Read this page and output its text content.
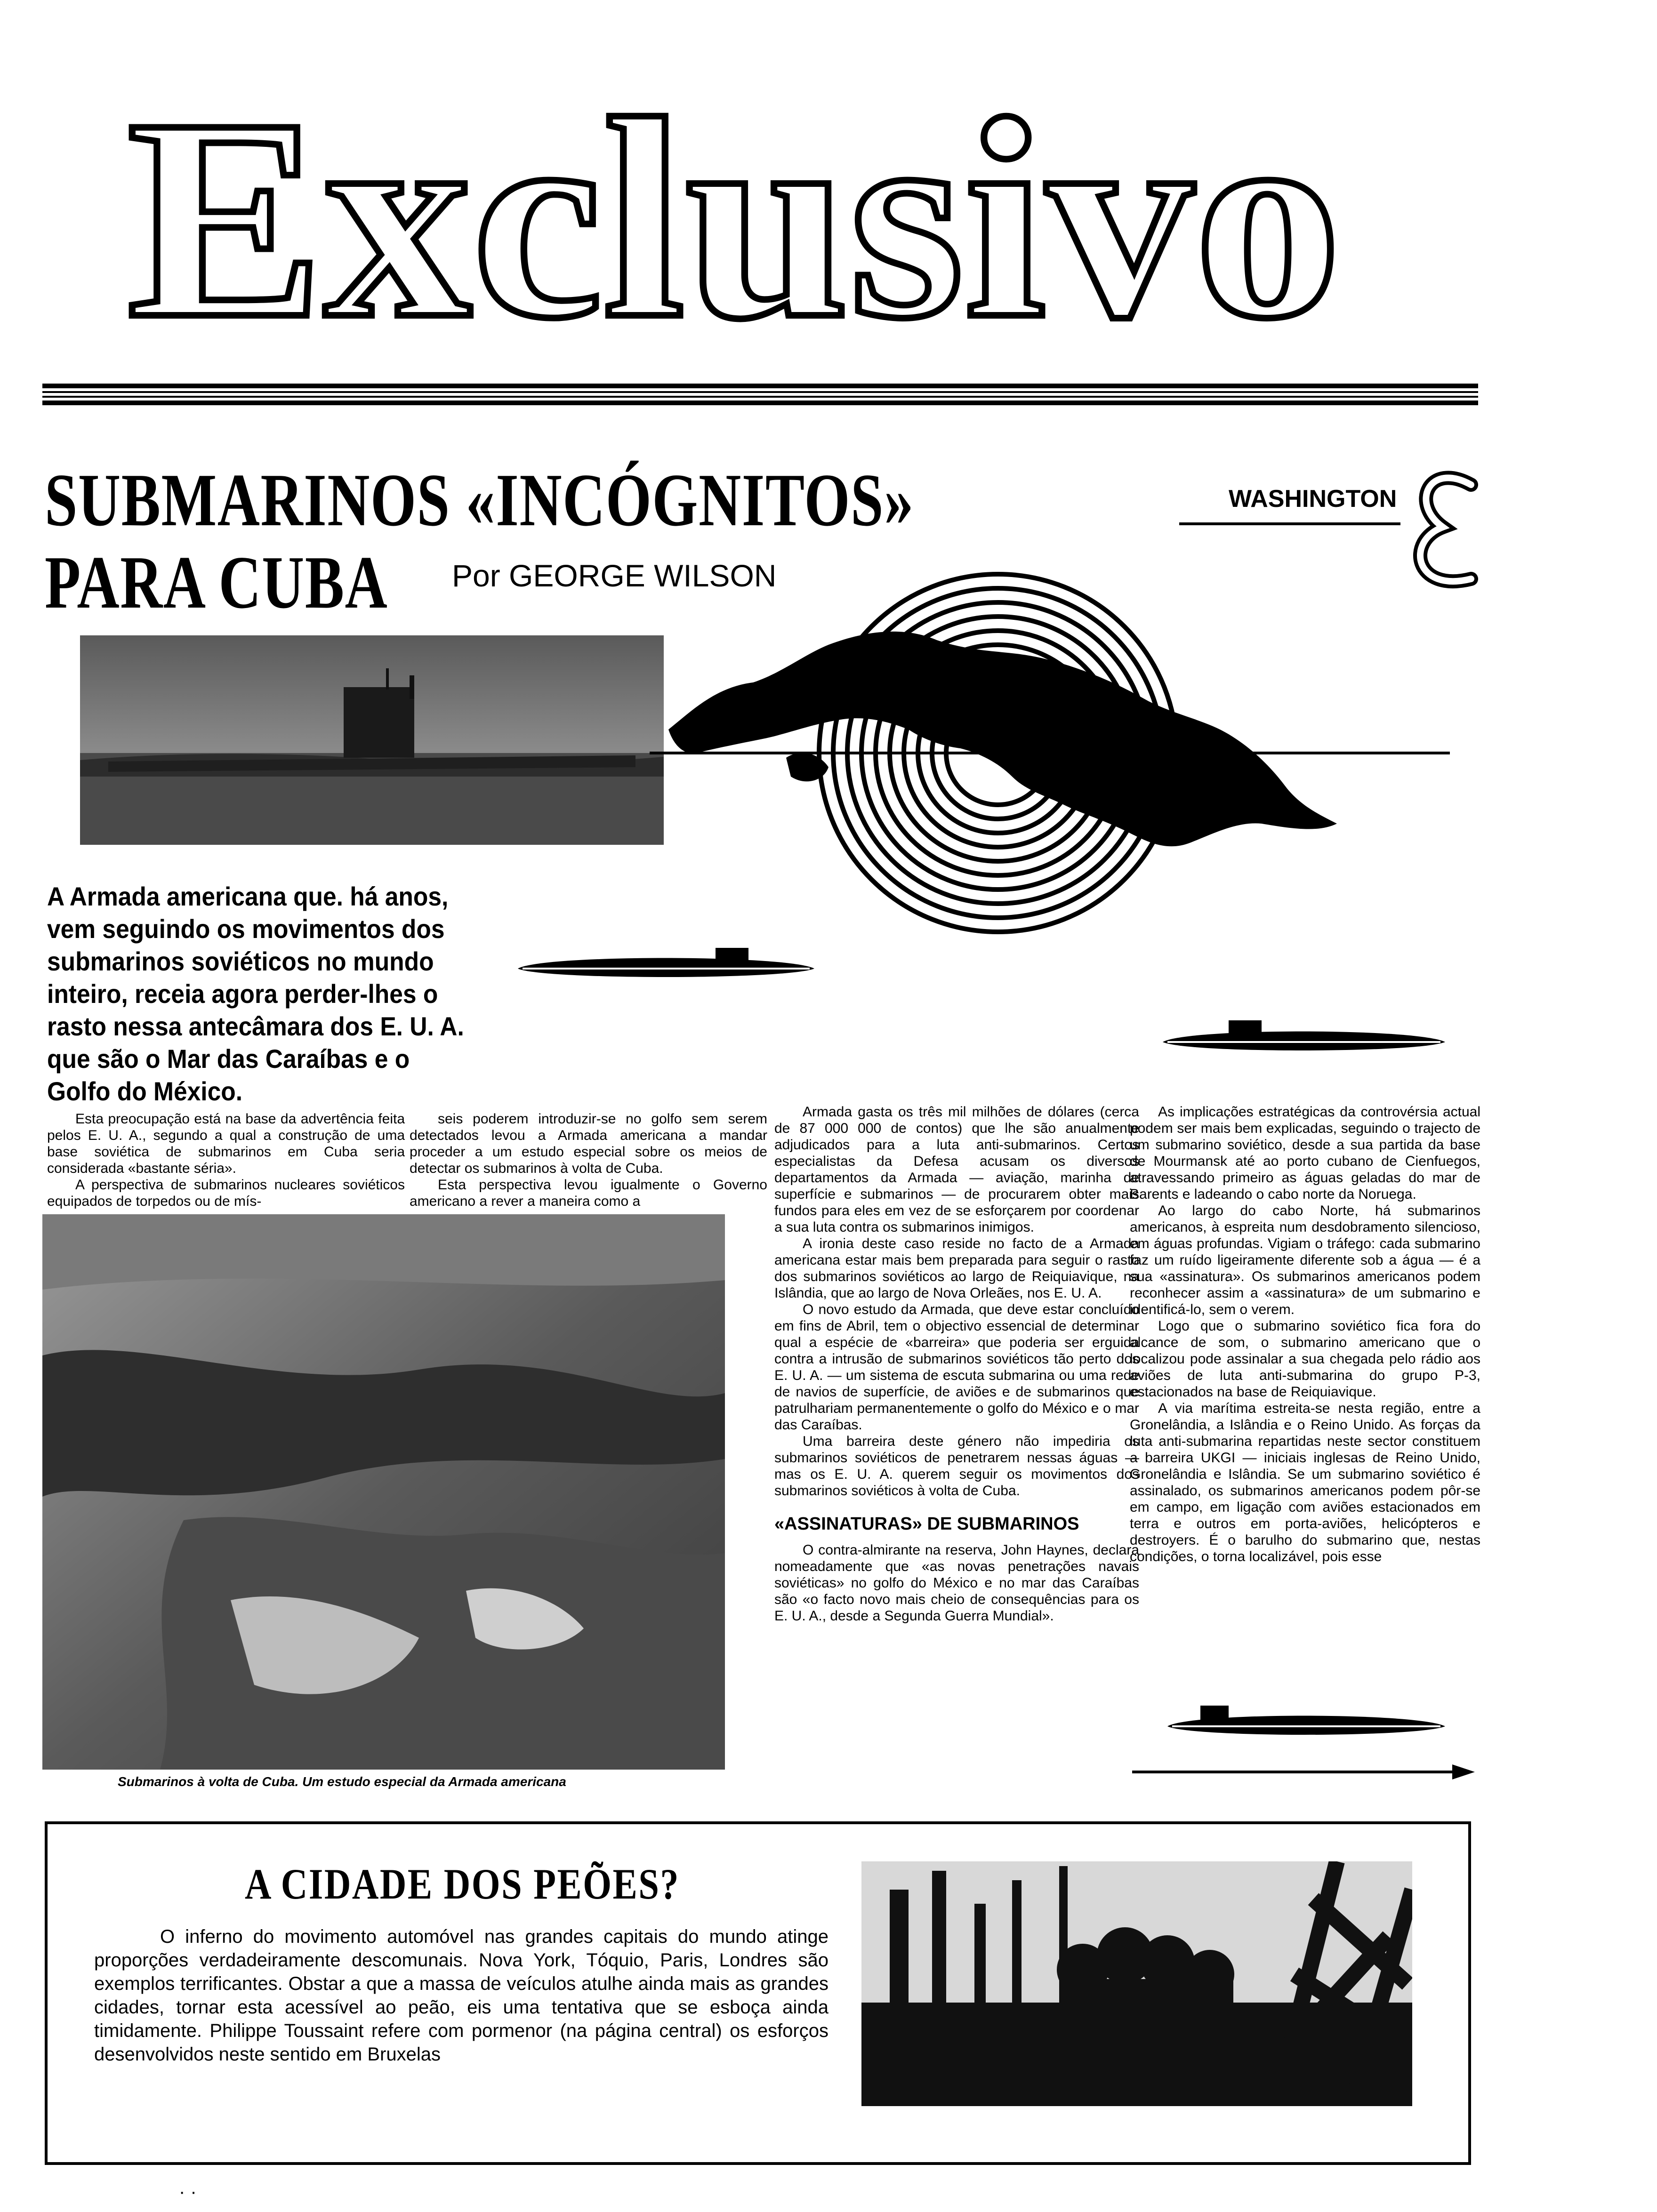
Exclusivo
SUBMARINOS «INCÓGNITOS»
PARA CUBA	Por GEORGE WILSON
WASHINGTON
A Armada americana que. há anos, vem seguindo os movimentos dos submarinos soviéticos no mundo inteiro, receia agora perder-lhes o rasto nessa antecâmara dos E. U. A. que são o Mar das Caraíbas e o Golfo do México.

Esta preocupação está na base da advertência feita pelos E. U. A., segundo a qual a construção de uma base soviética de submarinos em Cuba seria considerada «bastante séria».

A perspectiva de submarinos nucleares soviéticos equipados de torpedos ou de mís-

seis poderem introduzir-se no golfo sem serem detectados levou a Armada americana a mandar proceder a um estudo especial sobre os meios de detectar os submarinos à volta de Cuba.

Esta perspectiva levou igualmente o Governo americano a rever a maneira como a

Armada gasta os três mil milhões de dólares (cerca de 87 000 000 de contos) que lhe são anualmente adjudicados para a luta anti-submarinos. Certos especialistas da Defesa acusam os diversos departamentos da Armada — aviação, marinha de superfície e submarinos — de procurarem obter mais fundos para eles em vez de se esforçarem por coordenar a sua luta contra os submarinos inimigos.

A ironia deste caso reside no facto de a Armada americana estar mais bem preparada para seguir o rasto dos submarinos soviéticos ao largo de Reiquiavique, na Islândia, que ao largo de Nova Orleães, nos E. U. A.

O novo estudo da Armada, que deve estar concluído em fins de Abril, tem o objectivo essencial de determinar qual a espécie de «barreira» que poderia ser erguida contra a intrusão de submarinos soviéticos tão perto dos E. U. A. — um sistema de escuta submarina ou uma rede de navios de superfície, de aviões e de submarinos que patrulhariam permanentemente o golfo do México e o mar das Caraíbas.

Uma barreira deste género não impediria os submarinos soviéticos de penetrarem nessas águas — mas os E. U. A. querem seguir os movimentos dos submarinos soviéticos à volta de Cuba.

«ASSINATURAS» DE SUBMARINOS

O contra-almirante na reserva, John Haynes, declara nomeadamente que «as novas penetrações navais soviéticas» no golfo do México e no mar das Caraíbas são «o facto novo mais cheio de consequências para os E. U. A., desde a Segunda Guerra Mundial».

As implicações estratégicas da controvérsia actual podem ser mais bem explicadas, seguindo o trajecto de um submarino soviético, desde a sua partida da base de Mourmansk até ao porto cubano de Cienfuegos, atravessando primeiro as águas geladas do mar de Barents e ladeando o cabo norte da Noruega.

Ao largo do cabo Norte, há submarinos americanos, à espreita num desdobramento silencioso, em águas profundas. Vigiam o tráfego: cada submarino faz um ruído ligeiramente diferente sob a água — é a sua «assinatura». Os submarinos americanos podem reconhecer assim a «assinatura» de um submarino e identificá-lo, sem o verem.

Logo que o submarino soviético fica fora do alcance de som, o submarino americano que o localizou pode assinalar a sua chegada pelo rádio aos aviões de luta anti-submarina do grupo P-3, estacionados na base de Reiquiavique.

A via marítima estreita-se nesta região, entre a Gronelândia, a Islândia e o Reino Unido. As forças da luta anti-submarina repartidas neste sector constituem a barreira UKGI — iniciais inglesas de Reino Unido, Gronelândia e Islândia. Se um submarino soviético é assinalado, os submarinos americanos podem pôr-se em campo, em ligação com aviões estacionados em terra e outros em porta-aviões, helicópteros e destroyers. É o barulho do submarino que, nestas condições, o torna localizável, pois esse

Submarinos à volta de Cuba. Um estudo especial da Armada americana
A CIDADE DOS PEÕES?

O inferno do movimento automóvel nas grandes capitais do mundo atinge proporções verdadeiramente descomunais. Nova York, Tóquio, Paris, Londres são exemplos terrificantes. Obstar a que a massa de veículos atulhe ainda mais as grandes cidades, tornar esta acessível ao peão, eis uma tentativa que se esboça ainda timidamente. Philippe Toussaint refere com pormenor (na página central) os esforços desenvolvidos neste sentido em Bruxelas

· ·
